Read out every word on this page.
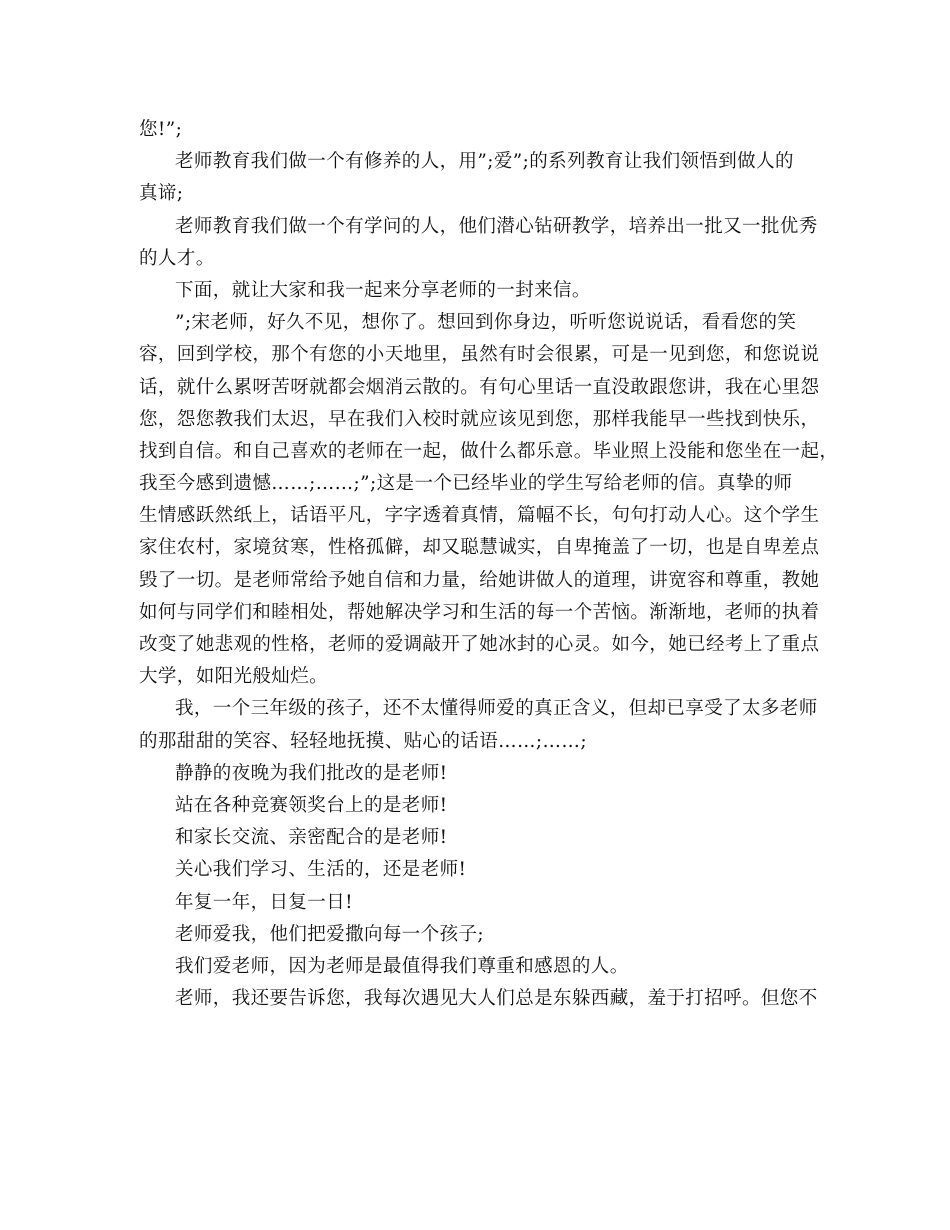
您!”;
老师教育我们做一个有修养的人，用”;爱”;的系列教育让我们领悟到做人的
真谛;
老师教育我们做一个有学问的人，他们潜心钻研教学，培养出一批又一批优秀
的人才。
下面，就让大家和我一起来分享老师的一封来信。
”;宋老师，好久不见，想你了。想回到你身边，听听您说说话，看看您的笑
容，回到学校，那个有您的小天地里，虽然有时会很累，可是一见到您，和您说说
话，就什么累呀苦呀就都会烟消云散的。有句心里话一直没敢跟您讲，我在心里怨
您，怨您教我们太迟，早在我们入校时就应该见到您，那样我能早一些找到快乐，
找到自信。和自己喜欢的老师在一起，做什么都乐意。毕业照上没能和您坐在一起，
我至今感到遗憾……;……;”;这是一个已经毕业的学生写给老师的信。真挚的师
生情感跃然纸上，话语平凡，字字透着真情，篇幅不长，句句打动人心。这个学生
家住农村，家境贫寒，性格孤僻，却又聪慧诚实，自卑掩盖了一切，也是自卑差点
毁了一切。是老师常给予她自信和力量，给她讲做人的道理，讲宽容和尊重，教她
如何与同学们和睦相处，帮她解决学习和生活的每一个苦恼。渐渐地，老师的执着
改变了她悲观的性格，老师的爱调敲开了她冰封的心灵。如今，她已经考上了重点
大学，如阳光般灿烂。
我，一个三年级的孩子，还不太懂得师爱的真正含义，但却已享受了太多老师
的那甜甜的笑容、轻轻地抚摸、贴心的话语……;……;
静静的夜晚为我们批改的是老师!
站在各种竞赛领奖台上的是老师!
和家长交流、亲密配合的是老师!
关心我们学习、生活的，还是老师!
年复一年，日复一日!
老师爱我，他们把爱撒向每一个孩子;
我们爱老师，因为老师是最值得我们尊重和感恩的人。
老师，我还要告诉您，我每次遇见大人们总是东躲西藏，羞于打招呼。但您不
